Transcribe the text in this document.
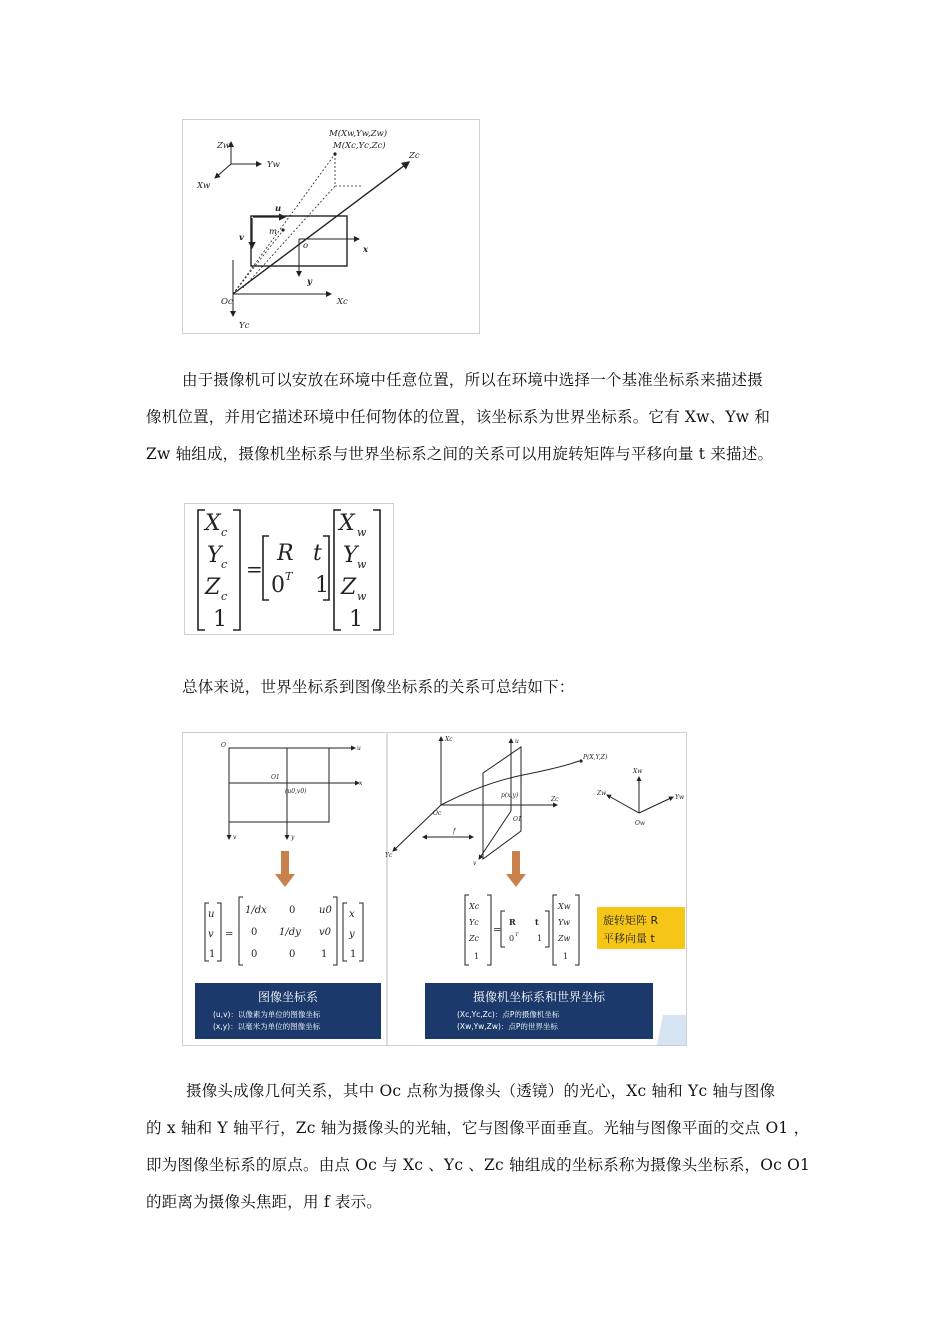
Zw
Yw
Xw
M(Xw,Yw,Zw)
M(Xc,Yc,Zc)
Zc
u
v
m
o	x
y
Oc	Xc
Yc
由于摄像机可以安放在环境中任意位置，所以在环境中选择一个基准坐标系来描述摄
像机位置，并用它描述环境中任何物体的位置，该坐标系为世界坐标系。它有 Xw、Yw 和
Zw 轴组成，摄像机坐标系与世界坐标系之间的关系可以用旋转矩阵与平移向量 t 来描述。
X
Y
Z
1
R t
0 1
X
Y
Z
1
c
c
c
w
w
w
T
=
总体来说，世界坐标系到图像坐标系的关系可总结如下：
O	u
x
O1
(u0,v0)
v	y
u
v
1
=
1/dx 0 u0
0 1/dy v0
0	0	1
x
y
1
图像坐标系
(u,v)：以像素为单位的图像坐标
(x,y)：以毫米为单位的图像坐标
Xc
Yc
Zc
u
v
P(X,Y,Z)
p(x,y)
Oc
f
O1
Xw
Yw
Zw
Ow
Xc
Yc
Zc
1
=
R t
0 T 1
Xw
Yw
Zw
1
旋转矩阵 R
平移向量 t
摄像机坐标系和世界坐标
(Xc,Yc,Zc)：点P的摄像机坐标
(Xw,Yw,Zw)：点P的世界坐标
摄像头成像几何关系，其中 Oc 点称为摄像头（透镜）的光心，Xc 轴和 Yc 轴与图像
的 x 轴和 Y 轴平行，Zc 轴为摄像头的光轴，它与图像平面垂直。光轴与图像平面的交点 O1 ，
即为图像坐标系的原点。由点 Oc 与 Xc 、Yc 、Zc 轴组成的坐标系称为摄像头坐标系，Oc O1
的距离为摄像头焦距，用 f 表示。
